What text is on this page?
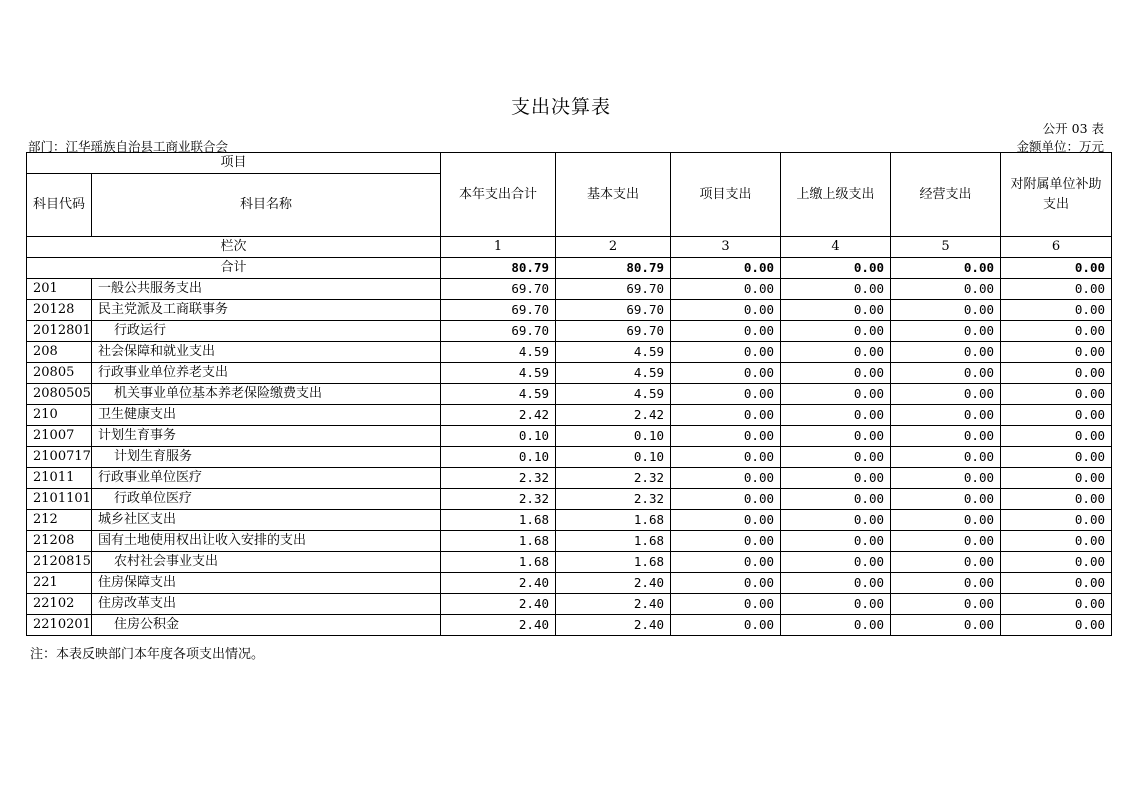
支出决算表
公开 03 表
部门：江华瑶族自治县工商业联合会	金额单位：万元
项目		本年支出合计	基本支出	项目支出	上缴上级支出	经营支出	对附属单位补助支出
科目代码	科目名称						
栏次		1	2	3	4	5	6
合计		80.79	80.79	0.00	0.00	0.00	0.00
201	一般公共服务支出	69.70	69.70	0.00	0.00	0.00	0.00
20128	民主党派及工商联事务	69.70	69.70	0.00	0.00	0.00	0.00
2012801	行政运行	69.70	69.70	0.00	0.00	0.00	0.00
208	社会保障和就业支出	4.59	4.59	0.00	0.00	0.00	0.00
20805	行政事业单位养老支出	4.59	4.59	0.00	0.00	0.00	0.00
2080505	机关事业单位基本养老保险缴费支出	4.59	4.59	0.00	0.00	0.00	0.00
210	卫生健康支出	2.42	2.42	0.00	0.00	0.00	0.00
21007	计划生育事务	0.10	0.10	0.00	0.00	0.00	0.00
2100717	计划生育服务	0.10	0.10	0.00	0.00	0.00	0.00
21011	行政事业单位医疗	2.32	2.32	0.00	0.00	0.00	0.00
2101101	行政单位医疗	2.32	2.32	0.00	0.00	0.00	0.00
212	城乡社区支出	1.68	1.68	0.00	0.00	0.00	0.00
21208	国有土地使用权出让收入安排的支出	1.68	1.68	0.00	0.00	0.00	0.00
2120815	农村社会事业支出	1.68	1.68	0.00	0.00	0.00	0.00
221	住房保障支出	2.40	2.40	0.00	0.00	0.00	0.00
22102	住房改革支出	2.40	2.40	0.00	0.00	0.00	0.00
2210201	住房公积金	2.40	2.40	0.00	0.00	0.00	0.00
注：本表反映部门本年度各项支出情况。
